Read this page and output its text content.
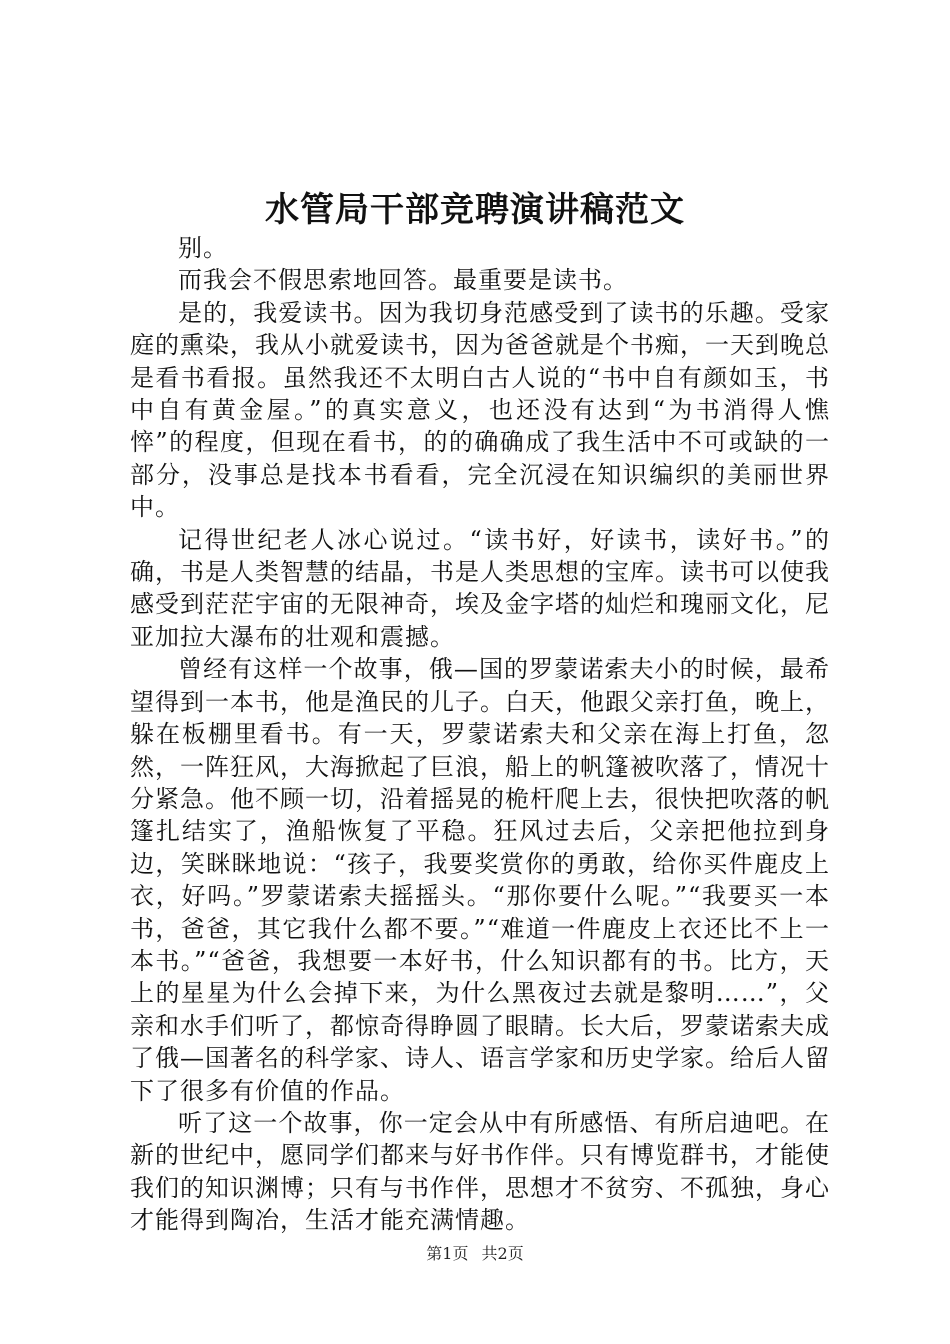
水管局干部竞聘演讲稿范文

别。

而我会不假思索地回答。最重要是读书。

是的，我爱读书。因为我切身范感受到了读书的乐趣。受家庭的熏染，我从小就爱读书，因为爸爸就是个书痴，一天到晚总是看书看报。虽然我还不太明白古人说的“书中自有颜如玉，书中自有黄金屋。”的真实意义，也还没有达到“为书消得人憔悴”的程度，但现在看书，的的确确成了我生活中不可或缺的一部分，没事总是找本书看看，完全沉浸在知识编织的美丽世界中。

记得世纪老人冰心说过。“读书好，好读书，读好书。”的确，书是人类智慧的结晶，书是人类思想的宝库。读书可以使我感受到茫茫宇宙的无限神奇，埃及金字塔的灿烂和瑰丽文化，尼亚加拉大瀑布的壮观和震撼。

曾经有这样一个故事，俄—国的罗蒙诺索夫小的时候，最希望得到一本书，他是渔民的儿子。白天，他跟父亲打鱼，晚上，躲在板棚里看书。有一天，罗蒙诺索夫和父亲在海上打鱼，忽然，一阵狂风，大海掀起了巨浪，船上的帆篷被吹落了，情况十分紧急。他不顾一切，沿着摇晃的桅杆爬上去，很快把吹落的帆篷扎结实了，渔船恢复了平稳。狂风过去后，父亲把他拉到身边，笑眯眯地说：“孩子，我要奖赏你的勇敢，给你买件鹿皮上衣，好吗。”罗蒙诺索夫摇摇头。“那你要什么呢。”“我要买一本书，爸爸，其它我什么都不要。”“难道一件鹿皮上衣还比不上一本书。”“爸爸，我想要一本好书，什么知识都有的书。比方，天上的星星为什么会掉下来，为什么黑夜过去就是黎明……”，父亲和水手们听了，都惊奇得睁圆了眼睛。长大后，罗蒙诺索夫成了俄—国著名的科学家、诗人、语言学家和历史学家。给后人留下了很多有价值的作品。

听了这一个故事，你一定会从中有所感悟、有所启迪吧。在新的世纪中，愿同学们都来与好书作伴。只有博览群书，才能使我们的知识渊博；只有与书作伴，思想才不贫穷、不孤独，身心才能得到陶冶，生活才能充满情趣。

第1页 共2页
